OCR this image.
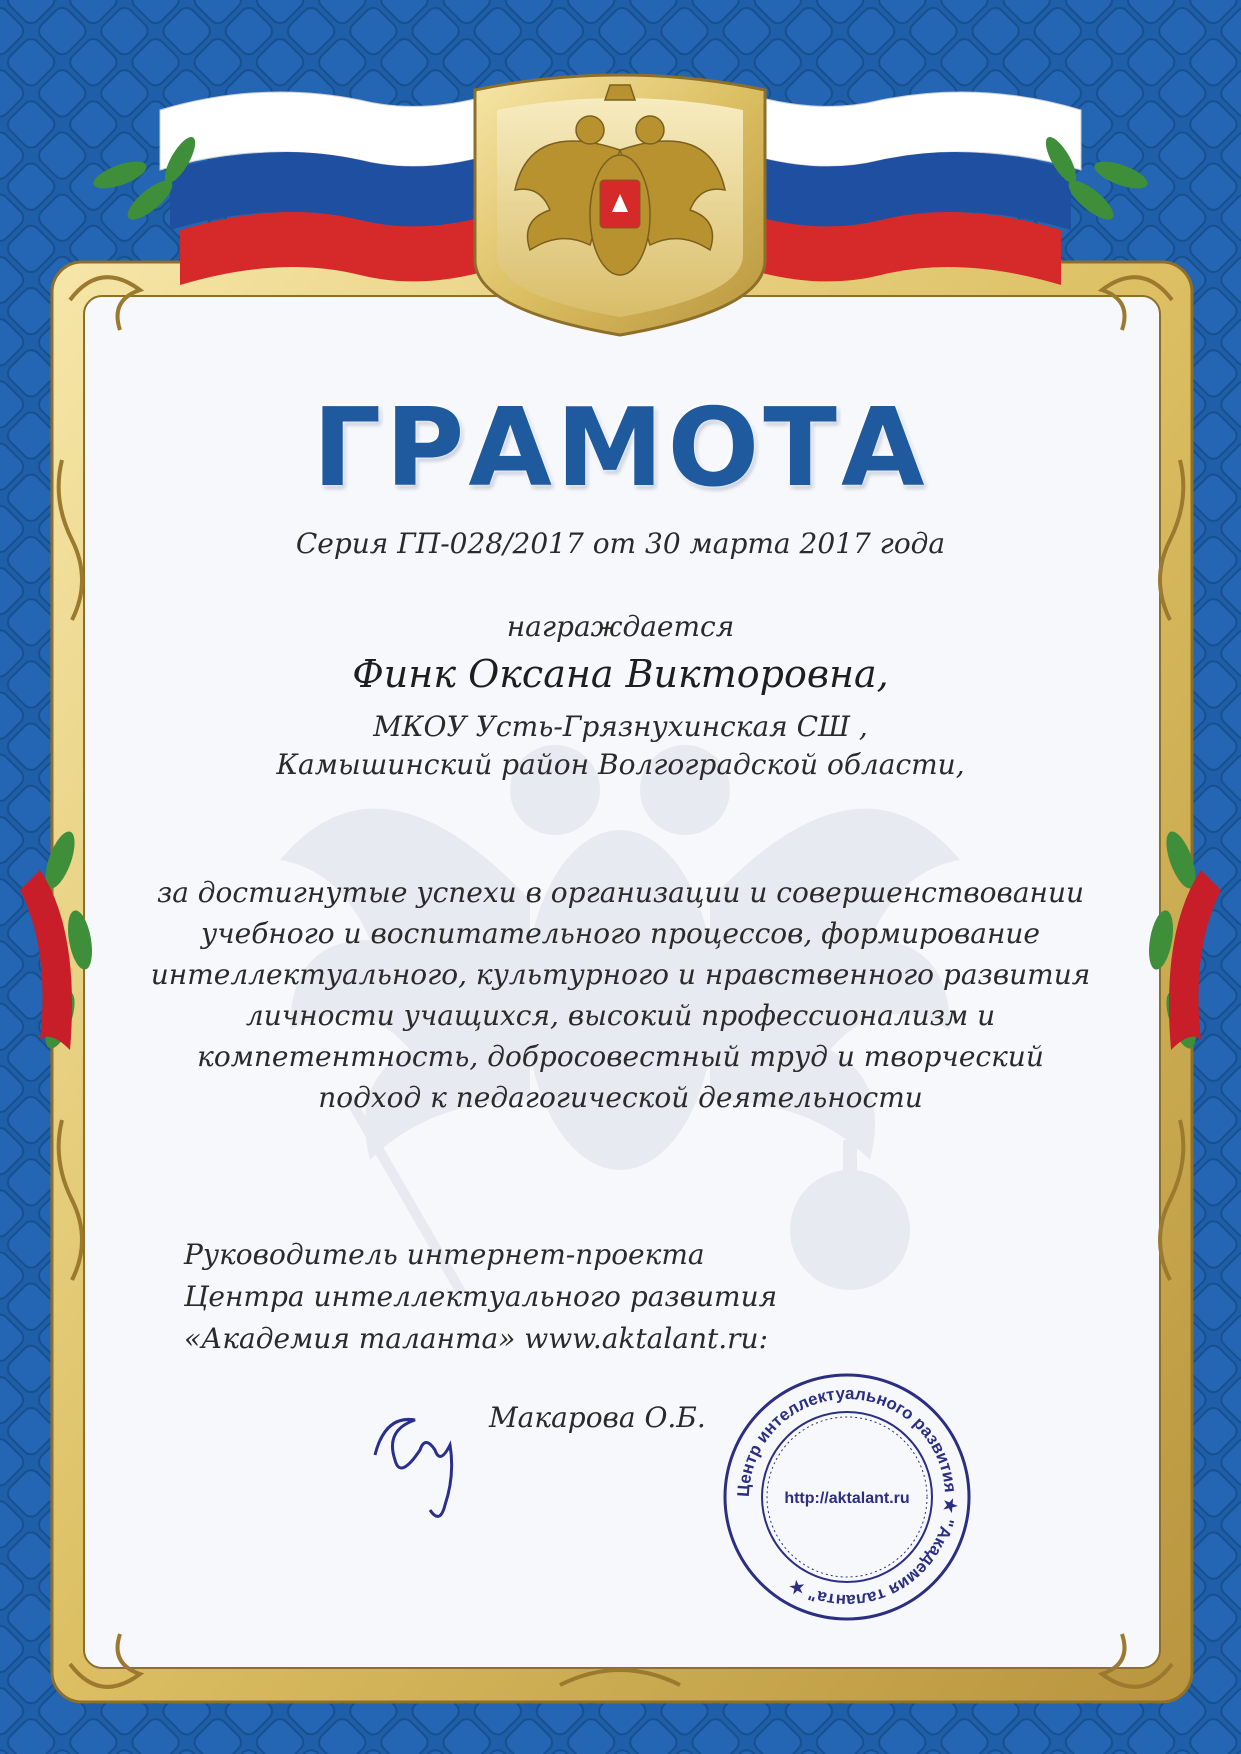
ГРАМОТА
Серия ГП-028/2017 от 30 марта 2017 года
награждается
Финк Оксана Викторовна,
МКОУ Усть-Грязнухинская СШ ,
Камышинский район Волгоградской области,
за достигнутые успехи в организации и совершенствовании учебного и воспитательного процессов, формирование интеллектуального, культурного и нравственного развития личности учащихся, высокий профессионализм и компетентность, добросовестный труд и творческий подход к педагогической деятельности
Руководитель интернет-проекта
Центра интеллектуального развития
«Академия таланта» www.aktalant.ru:
Макарова О.Б.
Центр интеллектуального развития ★ "Академия таланта" ★
http://aktalant.ru
